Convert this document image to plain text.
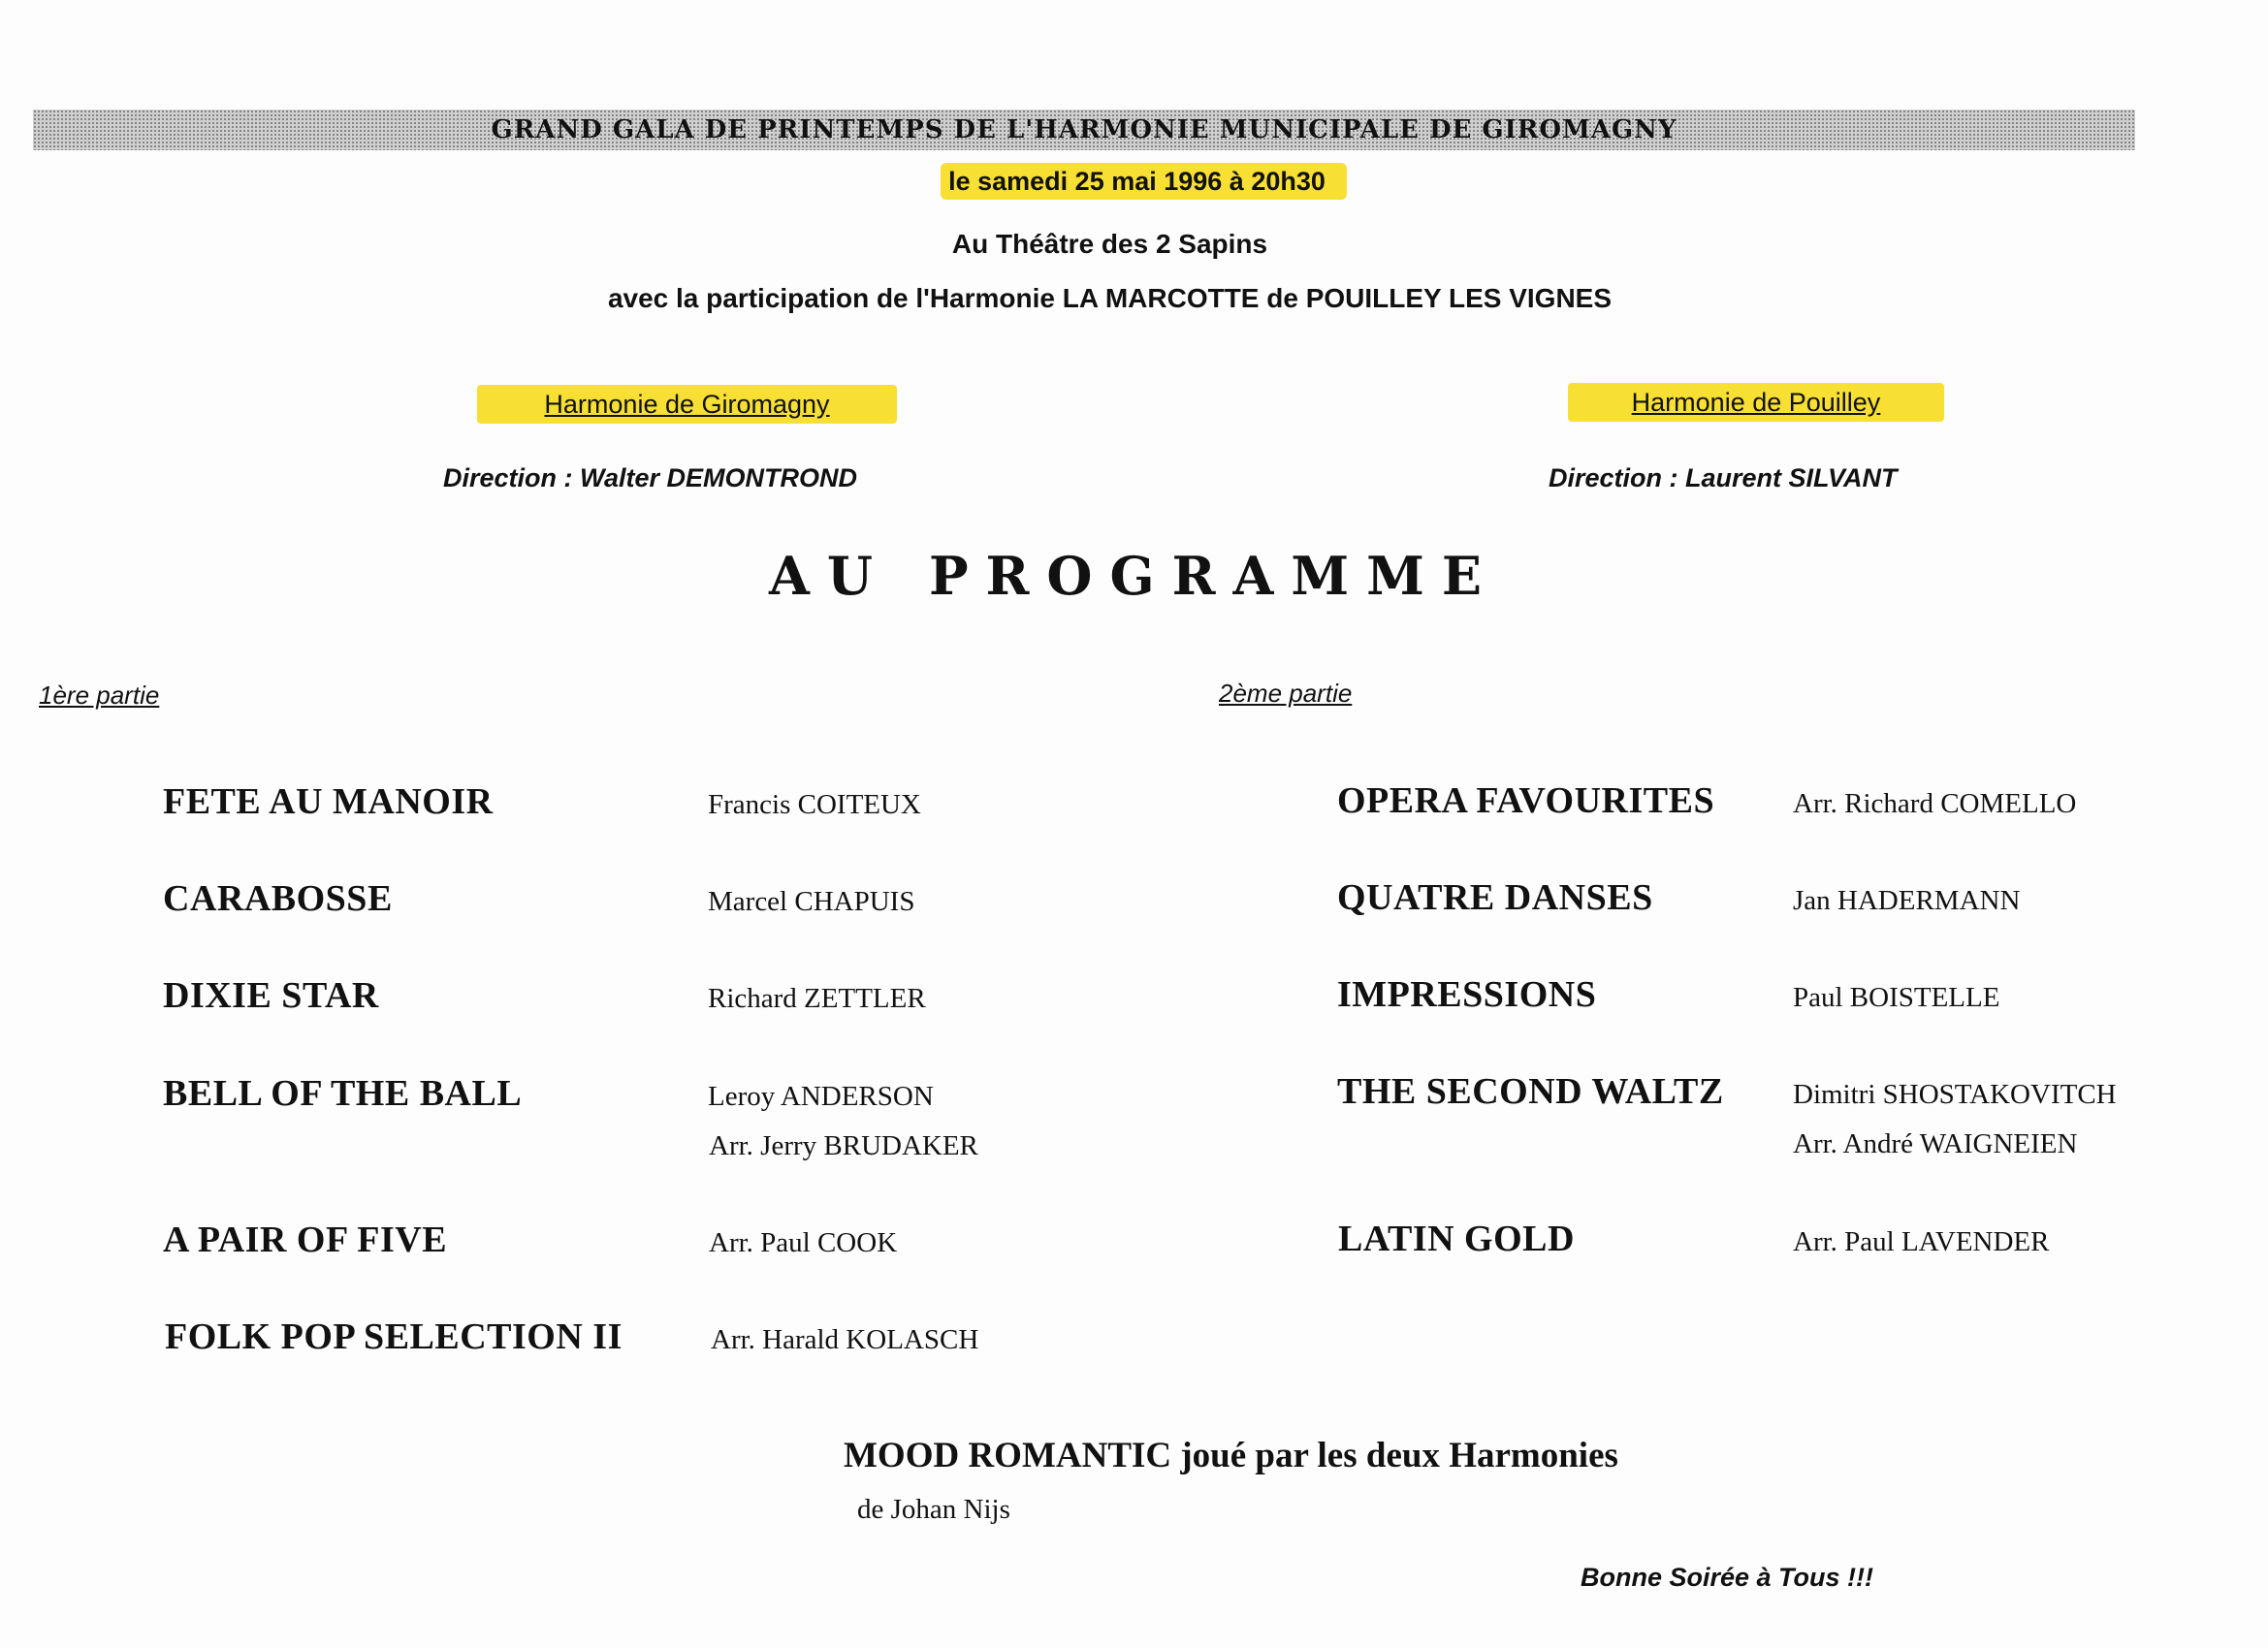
GRAND GALA DE PRINTEMPS DE L'HARMONIE MUNICIPALE DE GIROMAGNY
le samedi 25 mai 1996 à 20h30
Au Théâtre des 2 Sapins
avec la participation de l'Harmonie LA MARCOTTE de POUILLEY LES VIGNES
Harmonie de Giromagny	Harmonie de Pouilley
Direction : Walter DEMONTROND	Direction : Laurent SILVANT
AU PROGRAMME
1ère partie	2ème partie
FETE AU MANOIR	Francis COITEUX
CARABOSSE	Marcel CHAPUIS
DIXIE STAR	Richard ZETTLER
BELL OF THE BALL	Leroy ANDERSON
Arr. Jerry BRUDAKER
A PAIR OF FIVE	Arr. Paul COOK
FOLK POP SELECTION II	Arr. Harald KOLASCH
OPERA FAVOURITES	Arr. Richard COMELLO
QUATRE DANSES	Jan HADERMANN
IMPRESSIONS	Paul BOISTELLE
THE SECOND WALTZ Dimitri SHOSTAKOVITCH
Arr. André WAIGNEIEN
LATIN GOLD	Arr. Paul LAVENDER
MOOD ROMANTIC joué par les deux Harmonies
de Johan Nijs
Bonne Soirée à Tous !!!
